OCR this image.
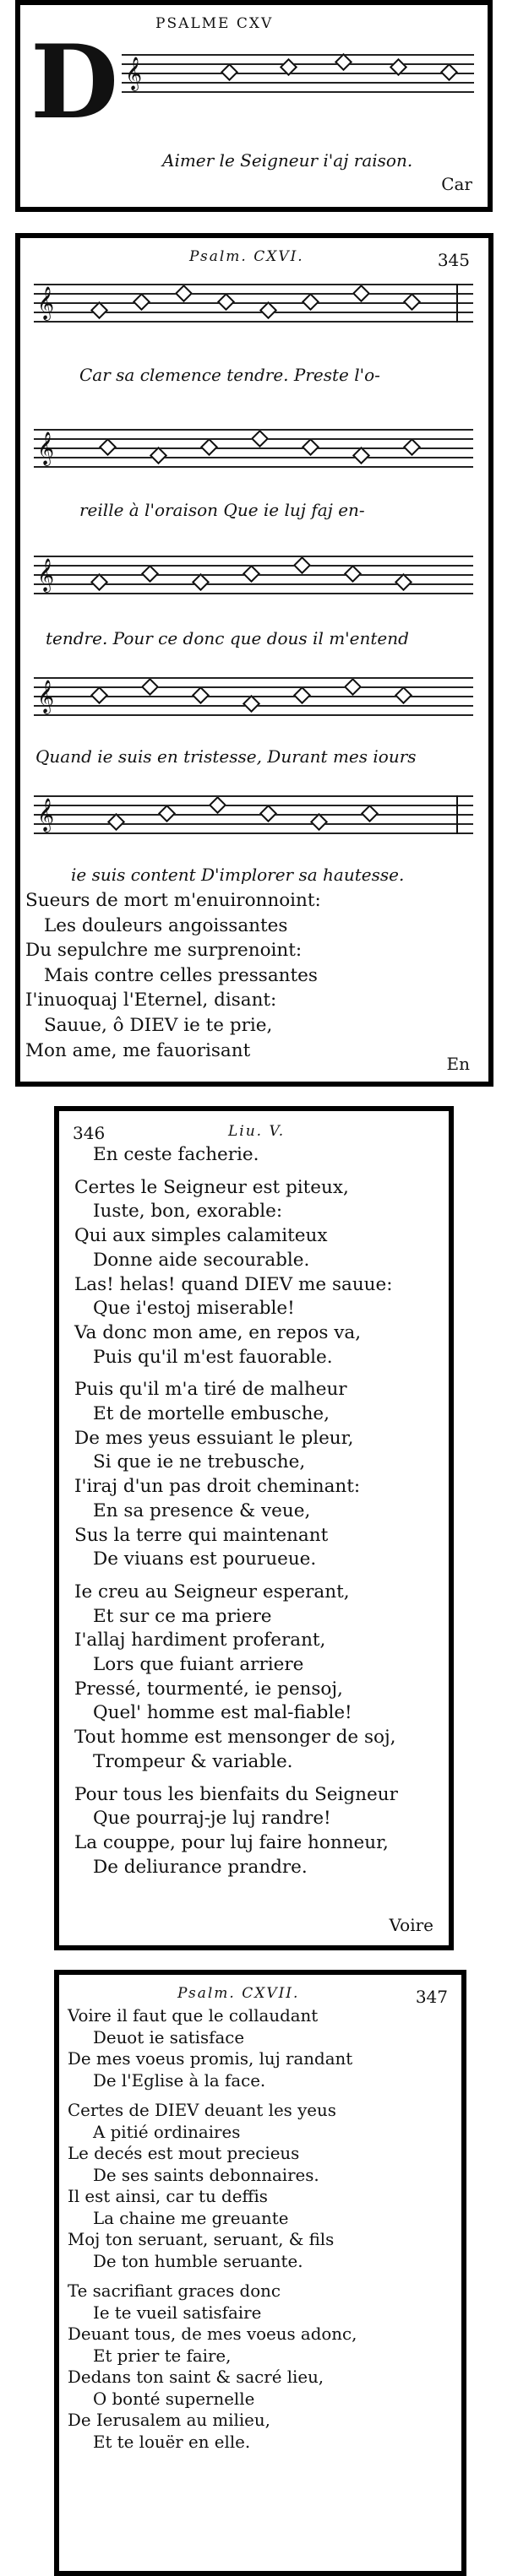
PSALME CXV
D 𝄞
Aimer le Seigneur i'aj raison.
Car
Psalm. CXVI.	345
𝄞
Car sa clemence tendre. Preste l'o-
𝄞
reille à l'oraison Que ie luj faj en-
𝄞
tendre. Pour ce donc que dous il m'entend
𝄞
Quand ie suis en tristesse, Durant mes iours
𝄞
ie suis content D'implorer sa hautesse.
Sueurs de mort m'enuironnoint:
Les douleurs angoissantes
Du sepulchre me surprenoint:
Mais contre celles pressantes
I'inuoquaj l'Eternel, disant:
Sauue, ô DIEV ie te prie,
Mon ame, me fauorisant
En
346	Liu. V.
En ceste facherie.
Certes le Seigneur est piteux,
Iuste, bon, exorable:
Qui aux simples calamiteux
Donne aide secourable.
Las! helas! quand DIEV me sauue:
Que i'estoj miserable!
Va donc mon ame, en repos va,
Puis qu'il m'est fauorable.
Puis qu'il m'a tiré de malheur
Et de mortelle embusche,
De mes yeus essuiant le pleur,
Si que ie ne trebusche,
I'iraj d'un pas droit cheminant:
En sa presence & veue,
Sus la terre qui maintenant
De viuans est pourueue.
Ie creu au Seigneur esperant,
Et sur ce ma priere
I'allaj hardiment proferant,
Lors que fuiant arriere
Pressé, tourmenté, ie pensoj,
Quel' homme est mal-fiable!
Tout homme est mensonger de soj,
Trompeur & variable.
Pour tous les bienfaits du Seigneur
Que pourraj-je luj randre!
La couppe, pour luj faire honneur,
De deliurance prandre.
Voire
Psalm. CXVII.	347
Voire il faut que le collaudant
Deuot ie satisface
De mes voeus promis, luj randant
De l'Eglise à la face.
Certes de DIEV deuant les yeus
A pitié ordinaires
Le decés est mout precieus
De ses saints debonnaires.
Il est ainsi, car tu deffis
La chaine me greuante
Moj ton seruant, seruant, & fils
De ton humble seruante.
Te sacrifiant graces donc
Ie te vueil satisfaire
Deuant tous, de mes voeus adonc,
Et prier te faire,
Dedans ton saint & sacré lieu,
O bonté supernelle
De Ierusalem au milieu,
Et te louër en elle.
